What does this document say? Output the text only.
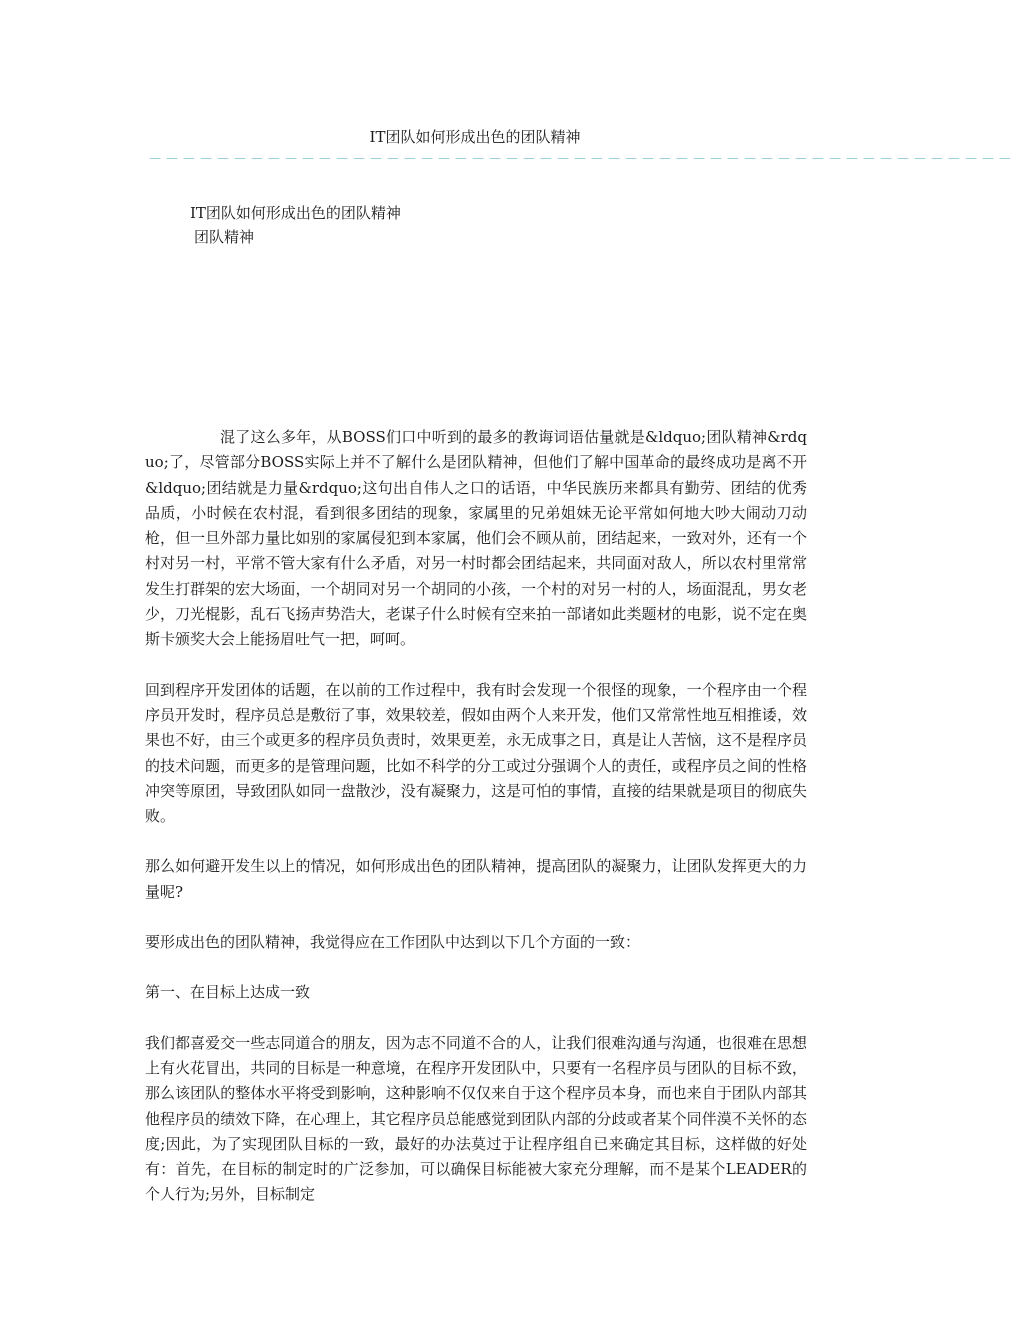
IT团队如何形成出色的团队精神
－－－－－－－－－－－－－－－－－－－－－－－－－－－－－－－－－－－－－－－－－－－－－－－－－－－

IT团队如何形成出色的团队精神

团队精神

混了这么多年，从BOSS们口中听到的最多的教诲词语估量就是&ldquo;团队精神&rdquo;了，尽管部分BOSS实际上并不了解什么是团队精神，但他们了解中国革命的最终成功是离不开&ldquo;团结就是力量&rdquo;这句出自伟人之口的话语，中华民族历来都具有勤劳、团结的优秀品质，小时候在农村混，看到很多团结的现象，家属里的兄弟姐妹无论平常如何地大吵大闹动刀动枪，但一旦外部力量比如别的家属侵犯到本家属，他们会不顾从前，团结起来，一致对外，还有一个村对另一村，平常不管大家有什么矛盾，对另一村时都会团结起来，共同面对敌人，所以农村里常常发生打群架的宏大场面，一个胡同对另一个胡同的小孩，一个村的对另一村的人，场面混乱，男女老少，刀光棍影，乱石飞扬声势浩大，老谋子什么时候有空来拍一部诸如此类题材的电影，说不定在奥斯卡颁奖大会上能扬眉吐气一把，呵呵。

回到程序开发团体的话题，在以前的工作过程中，我有时会发现一个很怪的现象，一个程序由一个程序员开发时，程序员总是敷衍了事，效果较差，假如由两个人来开发，他们又常常性地互相推诿，效果也不好，由三个或更多的程序员负责时，效果更差，永无成事之日，真是让人苦恼，这不是程序员的技术问题，而更多的是管理问题，比如不科学的分工或过分强调个人的责任，或程序员之间的性格冲突等原团，导致团队如同一盘散沙，没有凝聚力，这是可怕的事情，直接的结果就是项目的彻底失败。

那么如何避开发生以上的情况，如何形成出色的团队精神，提高团队的凝聚力，让团队发挥更大的力量呢?

要形成出色的团队精神，我觉得应在工作团队中达到以下几个方面的一致：

第一、在目标上达成一致

我们都喜爱交一些志同道合的朋友，因为志不同道不合的人，让我们很难沟通与沟通，也很难在思想上有火花冒出，共同的目标是一种意境，在程序开发团队中，只要有一名程序员与团队的目标不致，那么该团队的整体水平将受到影响，这种影响不仅仅来自于这个程序员本身，而也来自于团队内部其他程序员的绩效下降，在心理上，其它程序员总能感觉到团队内部的分歧或者某个同伴漠不关怀的态度;因此，为了实现团队目标的一致，最好的办法莫过于让程序组自已来确定其目标，这样做的好处有：首先，在目标的制定时的广泛参加，可以确保目标能被大家充分理解，而不是某个LEADER的个人行为;另外，目标制定
